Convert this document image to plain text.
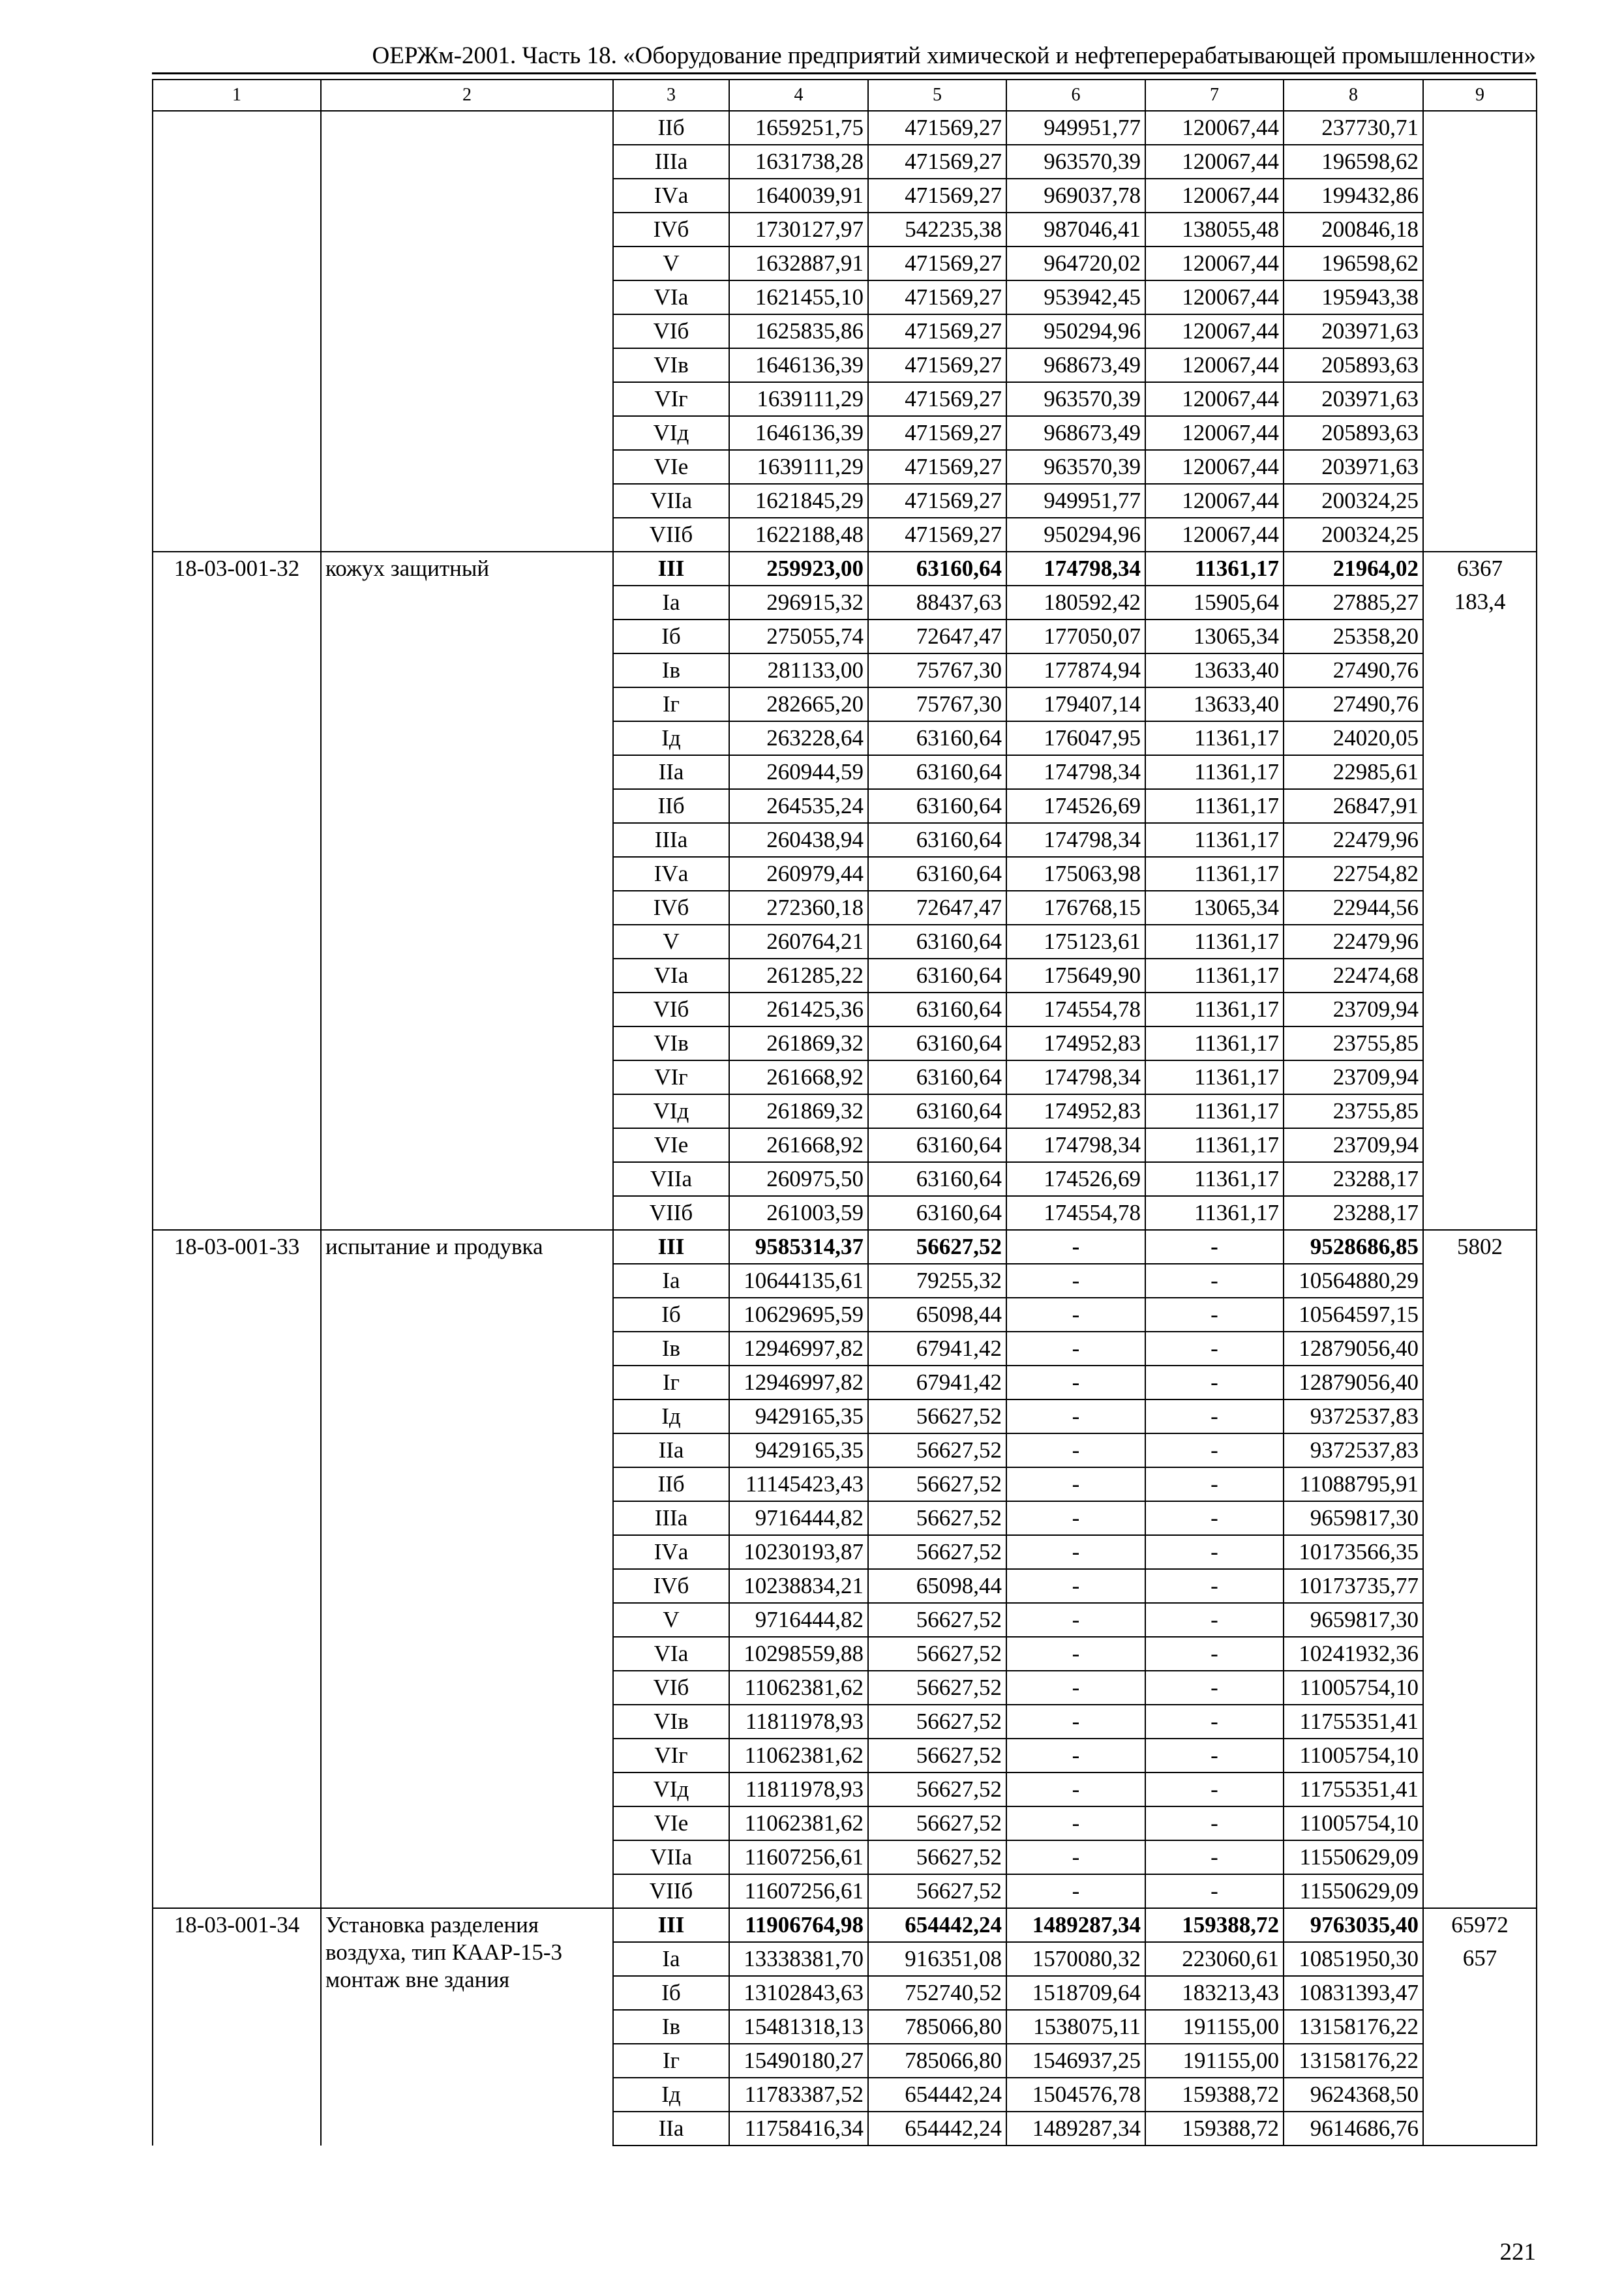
ОЕРЖм-2001. Часть 18. «Оборудование предприятий химической и нефтеперерабатывающей промышленности»
1	2	3	4	5	6	7	8	9
		IIб	1659251,75	471569,27	949951,77	120067,44	237730,71	
		IIIа	1631738,28	471569,27	963570,39	120067,44	196598,62	
		IVа	1640039,91	471569,27	969037,78	120067,44	199432,86	
		IVб	1730127,97	542235,38	987046,41	138055,48	200846,18	
		V	1632887,91	471569,27	964720,02	120067,44	196598,62	
		VIа	1621455,10	471569,27	953942,45	120067,44	195943,38	
		VIб	1625835,86	471569,27	950294,96	120067,44	203971,63	
		VIв	1646136,39	471569,27	968673,49	120067,44	205893,63	
		VIг	1639111,29	471569,27	963570,39	120067,44	203971,63	
		VIд	1646136,39	471569,27	968673,49	120067,44	205893,63	
		VIе	1639111,29	471569,27	963570,39	120067,44	203971,63	
		VIIа	1621845,29	471569,27	949951,77	120067,44	200324,25	
		VIIб	1622188,48	471569,27	950294,96	120067,44	200324,25	
18-03-001-32	кожух защитный	III	259923,00	63160,64	174798,34	11361,17	21964,02	6367
		Iа	296915,32	88437,63	180592,42	15905,64	27885,27	183,4
		Iб	275055,74	72647,47	177050,07	13065,34	25358,20	
		Iв	281133,00	75767,30	177874,94	13633,40	27490,76	
		Iг	282665,20	75767,30	179407,14	13633,40	27490,76	
		Iд	263228,64	63160,64	176047,95	11361,17	24020,05	
		IIа	260944,59	63160,64	174798,34	11361,17	22985,61	
		IIб	264535,24	63160,64	174526,69	11361,17	26847,91	
		IIIа	260438,94	63160,64	174798,34	11361,17	22479,96	
		IVа	260979,44	63160,64	175063,98	11361,17	22754,82	
		IVб	272360,18	72647,47	176768,15	13065,34	22944,56	
		V	260764,21	63160,64	175123,61	11361,17	22479,96	
		VIа	261285,22	63160,64	175649,90	11361,17	22474,68	
		VIб	261425,36	63160,64	174554,78	11361,17	23709,94	
		VIв	261869,32	63160,64	174952,83	11361,17	23755,85	
		VIг	261668,92	63160,64	174798,34	11361,17	23709,94	
		VIд	261869,32	63160,64	174952,83	11361,17	23755,85	
		VIе	261668,92	63160,64	174798,34	11361,17	23709,94	
		VIIа	260975,50	63160,64	174526,69	11361,17	23288,17	
		VIIб	261003,59	63160,64	174554,78	11361,17	23288,17	
18-03-001-33	испытание и продувка	III	9585314,37	56627,52	-	-	9528686,85	5802
		Iа	10644135,61	79255,32	-	-	10564880,29	
		Iб	10629695,59	65098,44	-	-	10564597,15	
		Iв	12946997,82	67941,42	-	-	12879056,40	
		Iг	12946997,82	67941,42	-	-	12879056,40	
		Iд	9429165,35	56627,52	-	-	9372537,83	
		IIа	9429165,35	56627,52	-	-	9372537,83	
		IIб	11145423,43	56627,52	-	-	11088795,91	
		IIIа	9716444,82	56627,52	-	-	9659817,30	
		IVа	10230193,87	56627,52	-	-	10173566,35	
		IVб	10238834,21	65098,44	-	-	10173735,77	
		V	9716444,82	56627,52	-	-	9659817,30	
		VIа	10298559,88	56627,52	-	-	10241932,36	
		VIб	11062381,62	56627,52	-	-	11005754,10	
		VIв	11811978,93	56627,52	-	-	11755351,41	
		VIг	11062381,62	56627,52	-	-	11005754,10	
		VIд	11811978,93	56627,52	-	-	11755351,41	
		VIе	11062381,62	56627,52	-	-	11005754,10	
		VIIа	11607256,61	56627,52	-	-	11550629,09	
		VIIб	11607256,61	56627,52	-	-	11550629,09	
18-03-001-34	Установка разделения воздуха, тип КААР-15-3 монтаж вне здания	III	11906764,98	654442,24	1489287,34	159388,72	9763035,40	65972
		Iа	13338381,70	916351,08	1570080,32	223060,61	10851950,30	657
		Iб	13102843,63	752740,52	1518709,64	183213,43	10831393,47	
		Iв	15481318,13	785066,80	1538075,11	191155,00	13158176,22	
		Iг	15490180,27	785066,80	1546937,25	191155,00	13158176,22	
		Iд	11783387,52	654442,24	1504576,78	159388,72	9624368,50	
		IIа	11758416,34	654442,24	1489287,34	159388,72	9614686,76	
221
